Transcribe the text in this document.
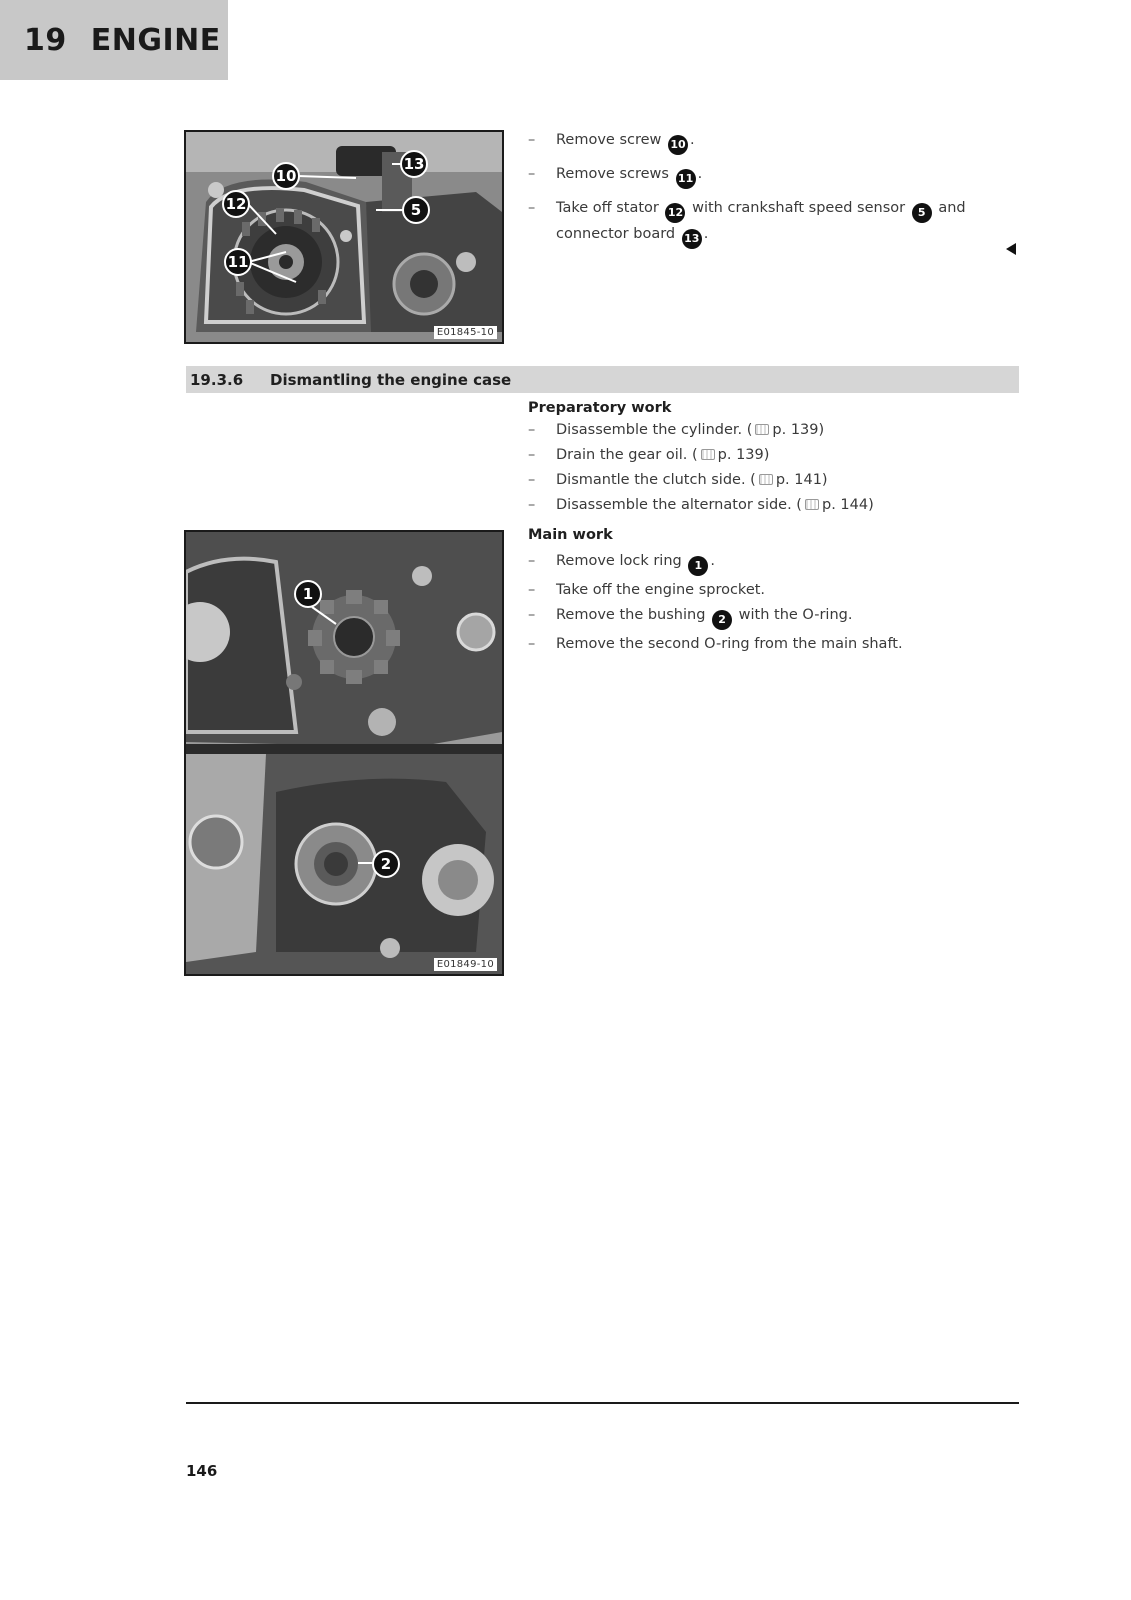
19 ENGINE
10
13
12	5
11
E01845-10
– Remove screw 10 .
– Remove screws 11 .
– Take off stator 12 with crankshaft speed sensor 5 and connector board 13 .
19.3.6	Dismantling the engine case
Preparatory work
– Disassemble the cylinder. ( p. 139)
– Drain the gear oil. ( p. 139)
– Dismantle the clutch side. ( p. 141)
– Disassemble the alternator side. ( p. 144)
Main work
– Remove lock ring 1 .
– Take off the engine sprocket.
– Remove the bushing 2 with the O-ring.
– Remove the second O-ring from the main shaft.
1
2
E01849-10
146
